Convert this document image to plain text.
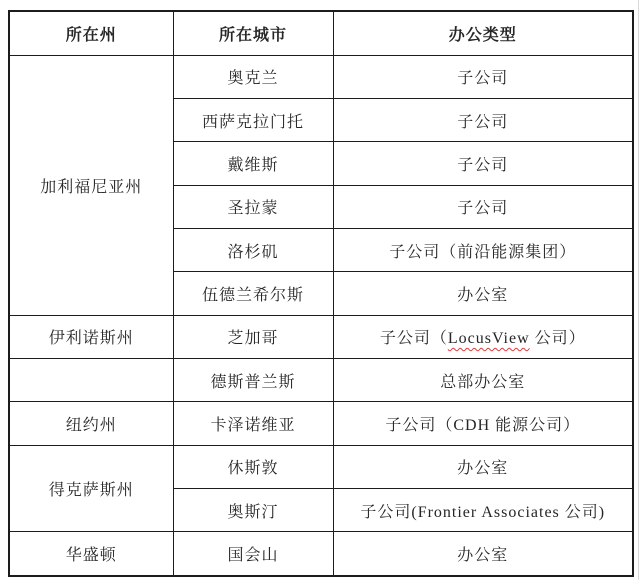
所在州	所在城市	办公类型
加利福尼亚州	奥克兰	子公司
	西萨克拉门托	子公司
	戴维斯	子公司
	圣拉蒙	子公司
	洛杉矶	子公司（前沿能源集团）
	伍德兰希尔斯	办公室
伊利诺斯州	芝加哥	子公司（LocusView 公司）
	德斯普兰斯	总部办公室
纽约州	卡泽诺维亚	子公司（CDH 能源公司）
得克萨斯州	休斯敦	办公室
	奥斯汀	子公司(Frontier Associates 公司)
华盛顿	国会山	办公室
